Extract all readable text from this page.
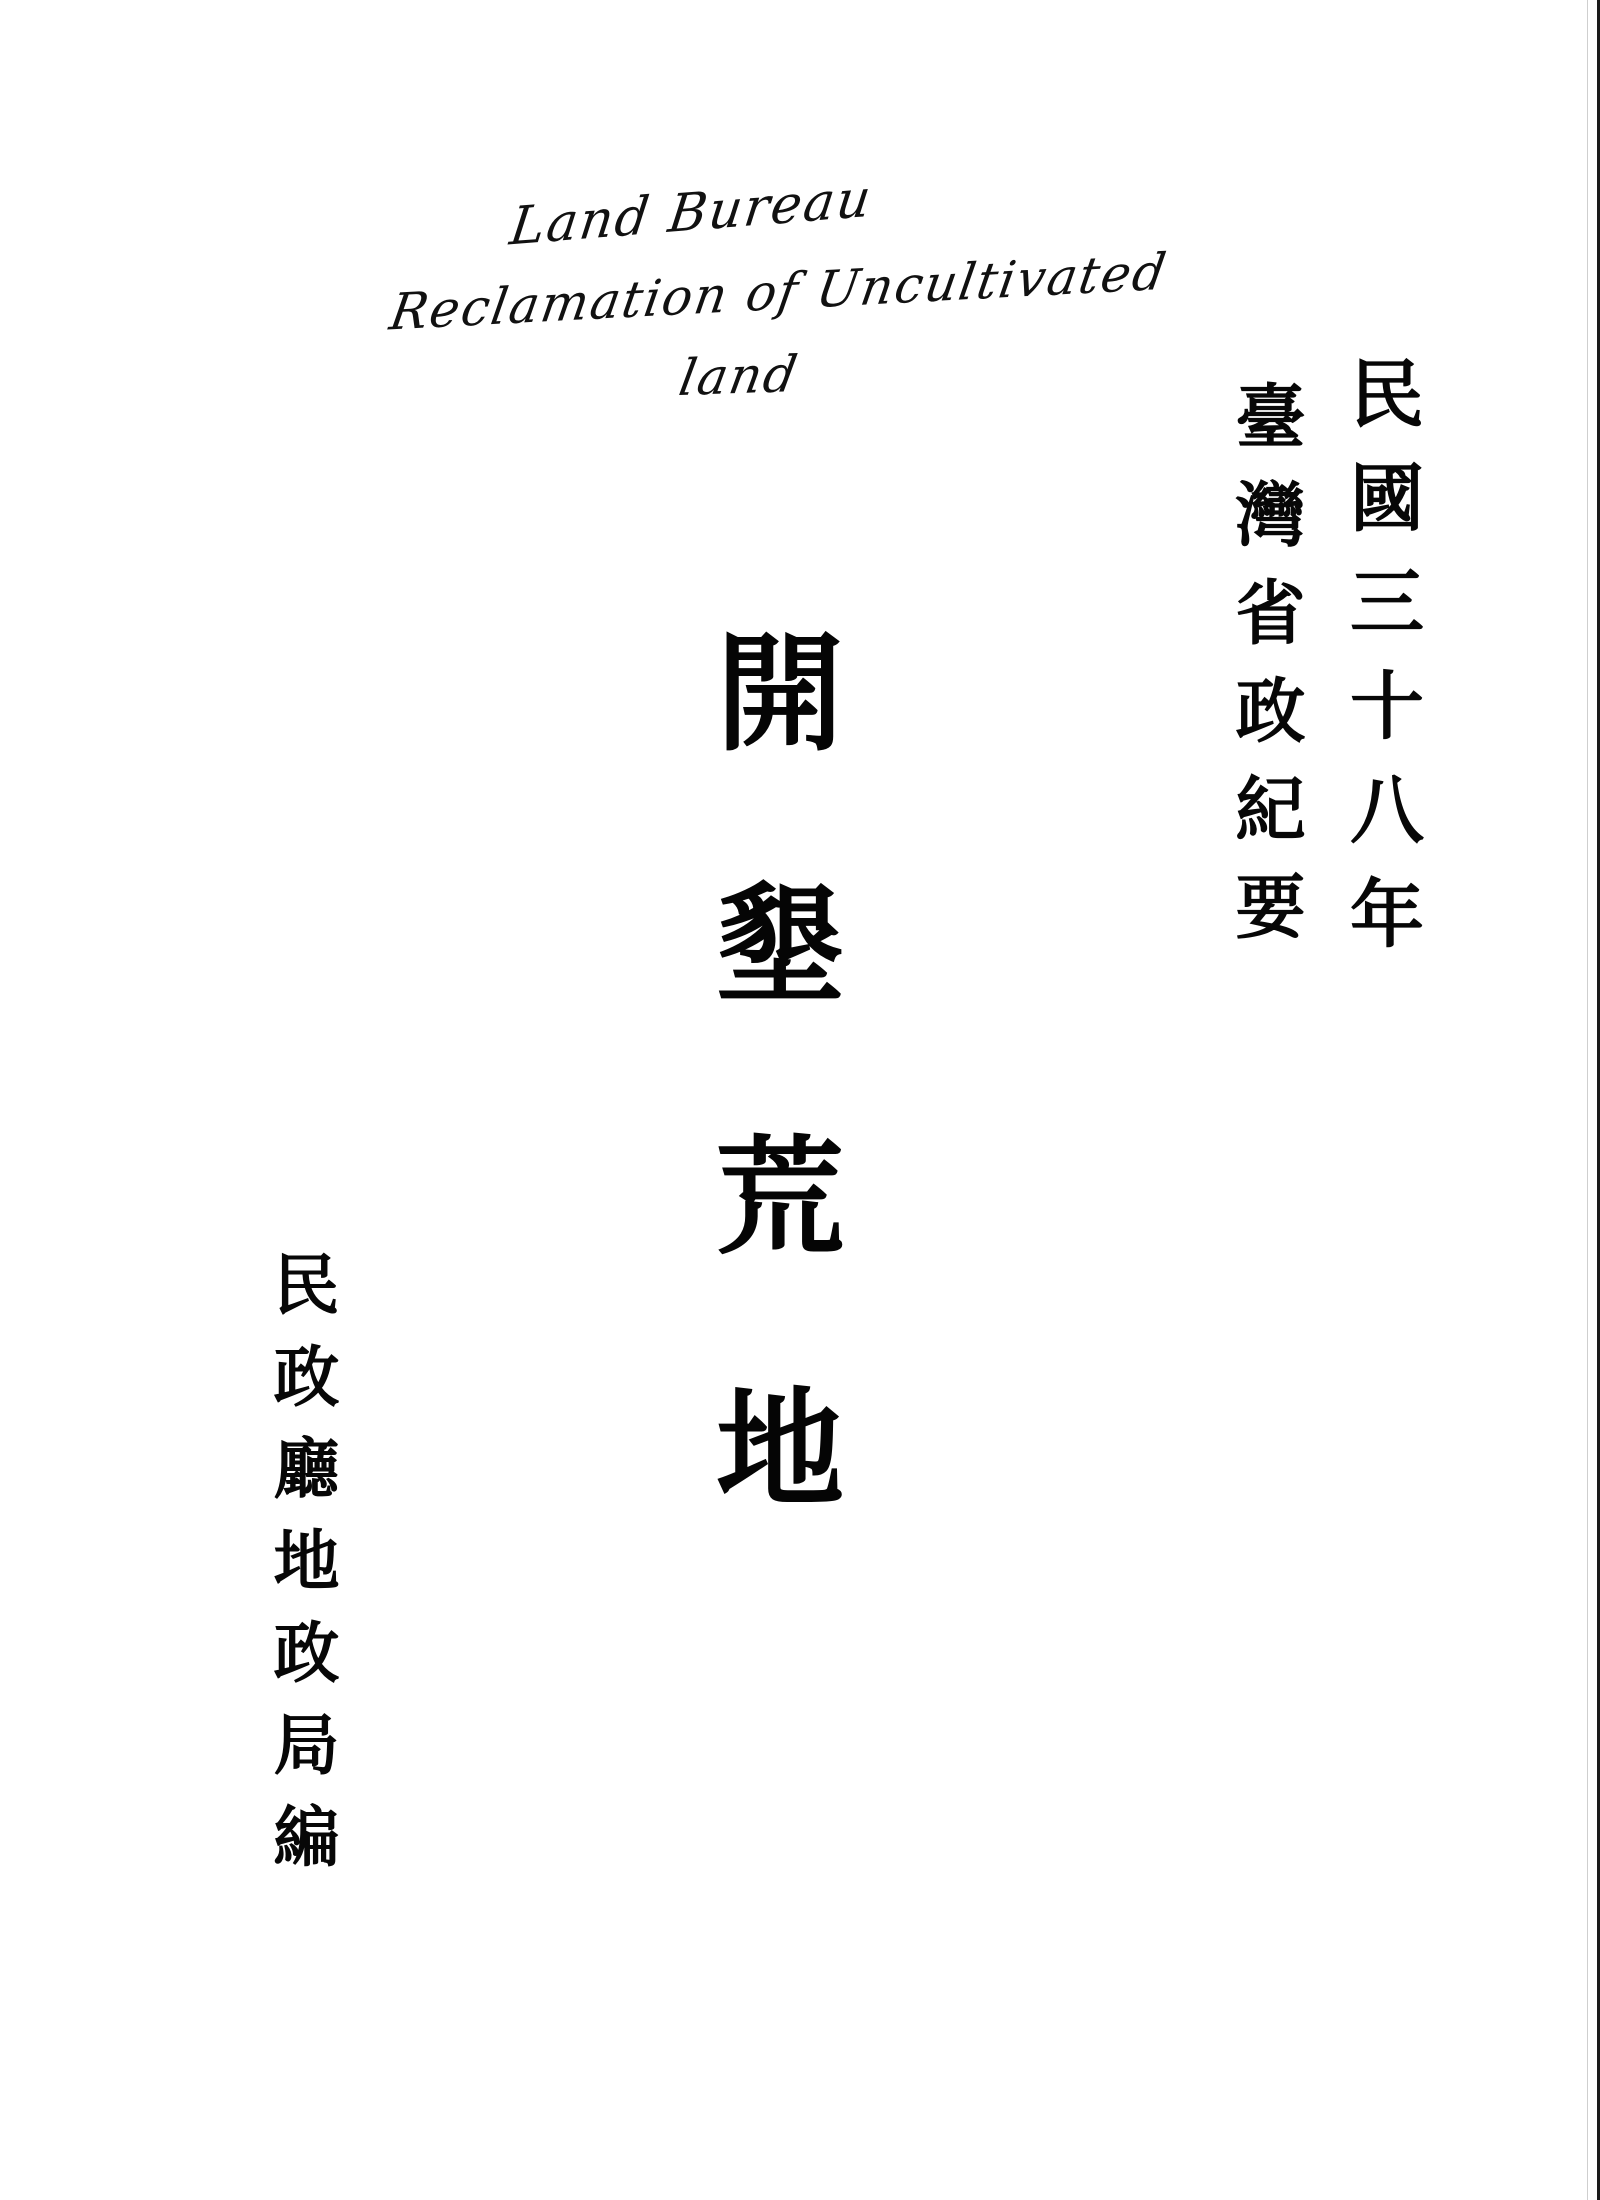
Land Bureau
Reclamation of Uncultivated
land	民國三十八年
臺灣省政紀要
開
墾
荒
地
民政廳地政局編
